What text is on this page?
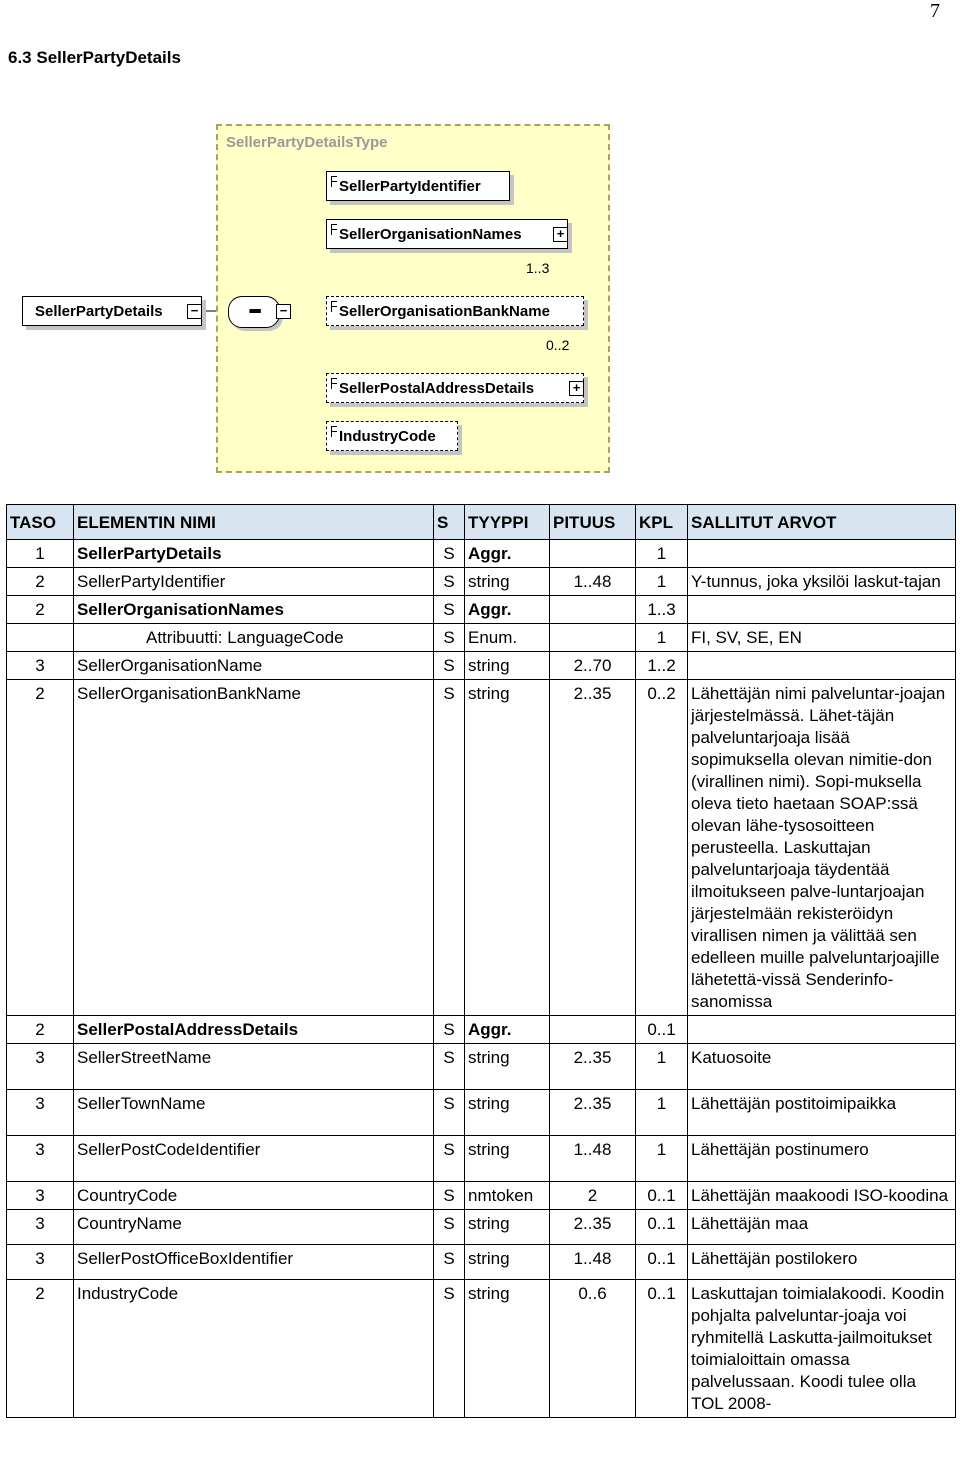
7
6.3 SellerPartyDetails
SellerPartyDetailsType
SellerPartyDetails −	▪▪▪	−
SellerPartyIdentifier
SellerOrganisationNames	+
1..3
SellerOrganisationBankName
0..2
SellerPostalAddressDetails	+
IndustryCode
TASO	ELEMENTIN NIMI	S	TYYPPI	PITUUS	KPL	SALLITUT ARVOT
1	SellerPartyDetails	S	Aggr.		1	
2	SellerPartyIdentifier	S	string	1..48	1	Y-tunnus, joka yksilöi laskut-tajan
2	SellerOrganisationNames	S	Aggr.		1..3	
	Attribuutti: LanguageCode	S	Enum.		1	FI, SV, SE, EN
3	SellerOrganisationName	S	string	2..70	1..2	
2	SellerOrganisationBankName	S	string	2..35	0..2	Lähettäjän nimi palveluntar-joajan järjestelmässä. Lähet-täjän palveluntarjoaja lisää sopimuksella olevan nimitie-don (virallinen nimi). Sopi-muksella oleva tieto haetaan SOAP:ssä olevan lähe-tysosoitteen perusteella. Laskuttajan palveluntarjoaja täydentää ilmoitukseen palve-luntarjoajan järjestelmään rekisteröidyn virallisen nimen ja välittää sen edelleen muille palveluntarjoajille lähetettä-vissä Senderinfo-sanomissa
2	SellerPostalAddressDetails	S	Aggr.		0..1	
3	SellerStreetName	S	string	2..35	1	Katuosoite
3	SellerTownName	S	string	2..35	1	Lähettäjän postitoimipaikka
3	SellerPostCodeIdentifier	S	string	1..48	1	Lähettäjän postinumero
3	CountryCode	S	nmtoken	2	0..1	Lähettäjän maakoodi ISO-koodina
3	CountryName	S	string	2..35	0..1	Lähettäjän maa
3	SellerPostOfficeBoxIdentifier	S	string	1..48	0..1	Lähettäjän postilokero
2	IndustryCode	S	string	0..6	0..1	Laskuttajan toimialakoodi. Koodin pohjalta palveluntar-joaja voi ryhmitellä Laskutta-jailmoitukset toimialoittain omassa palvelussaan. Koodi tulee olla TOL 2008-
